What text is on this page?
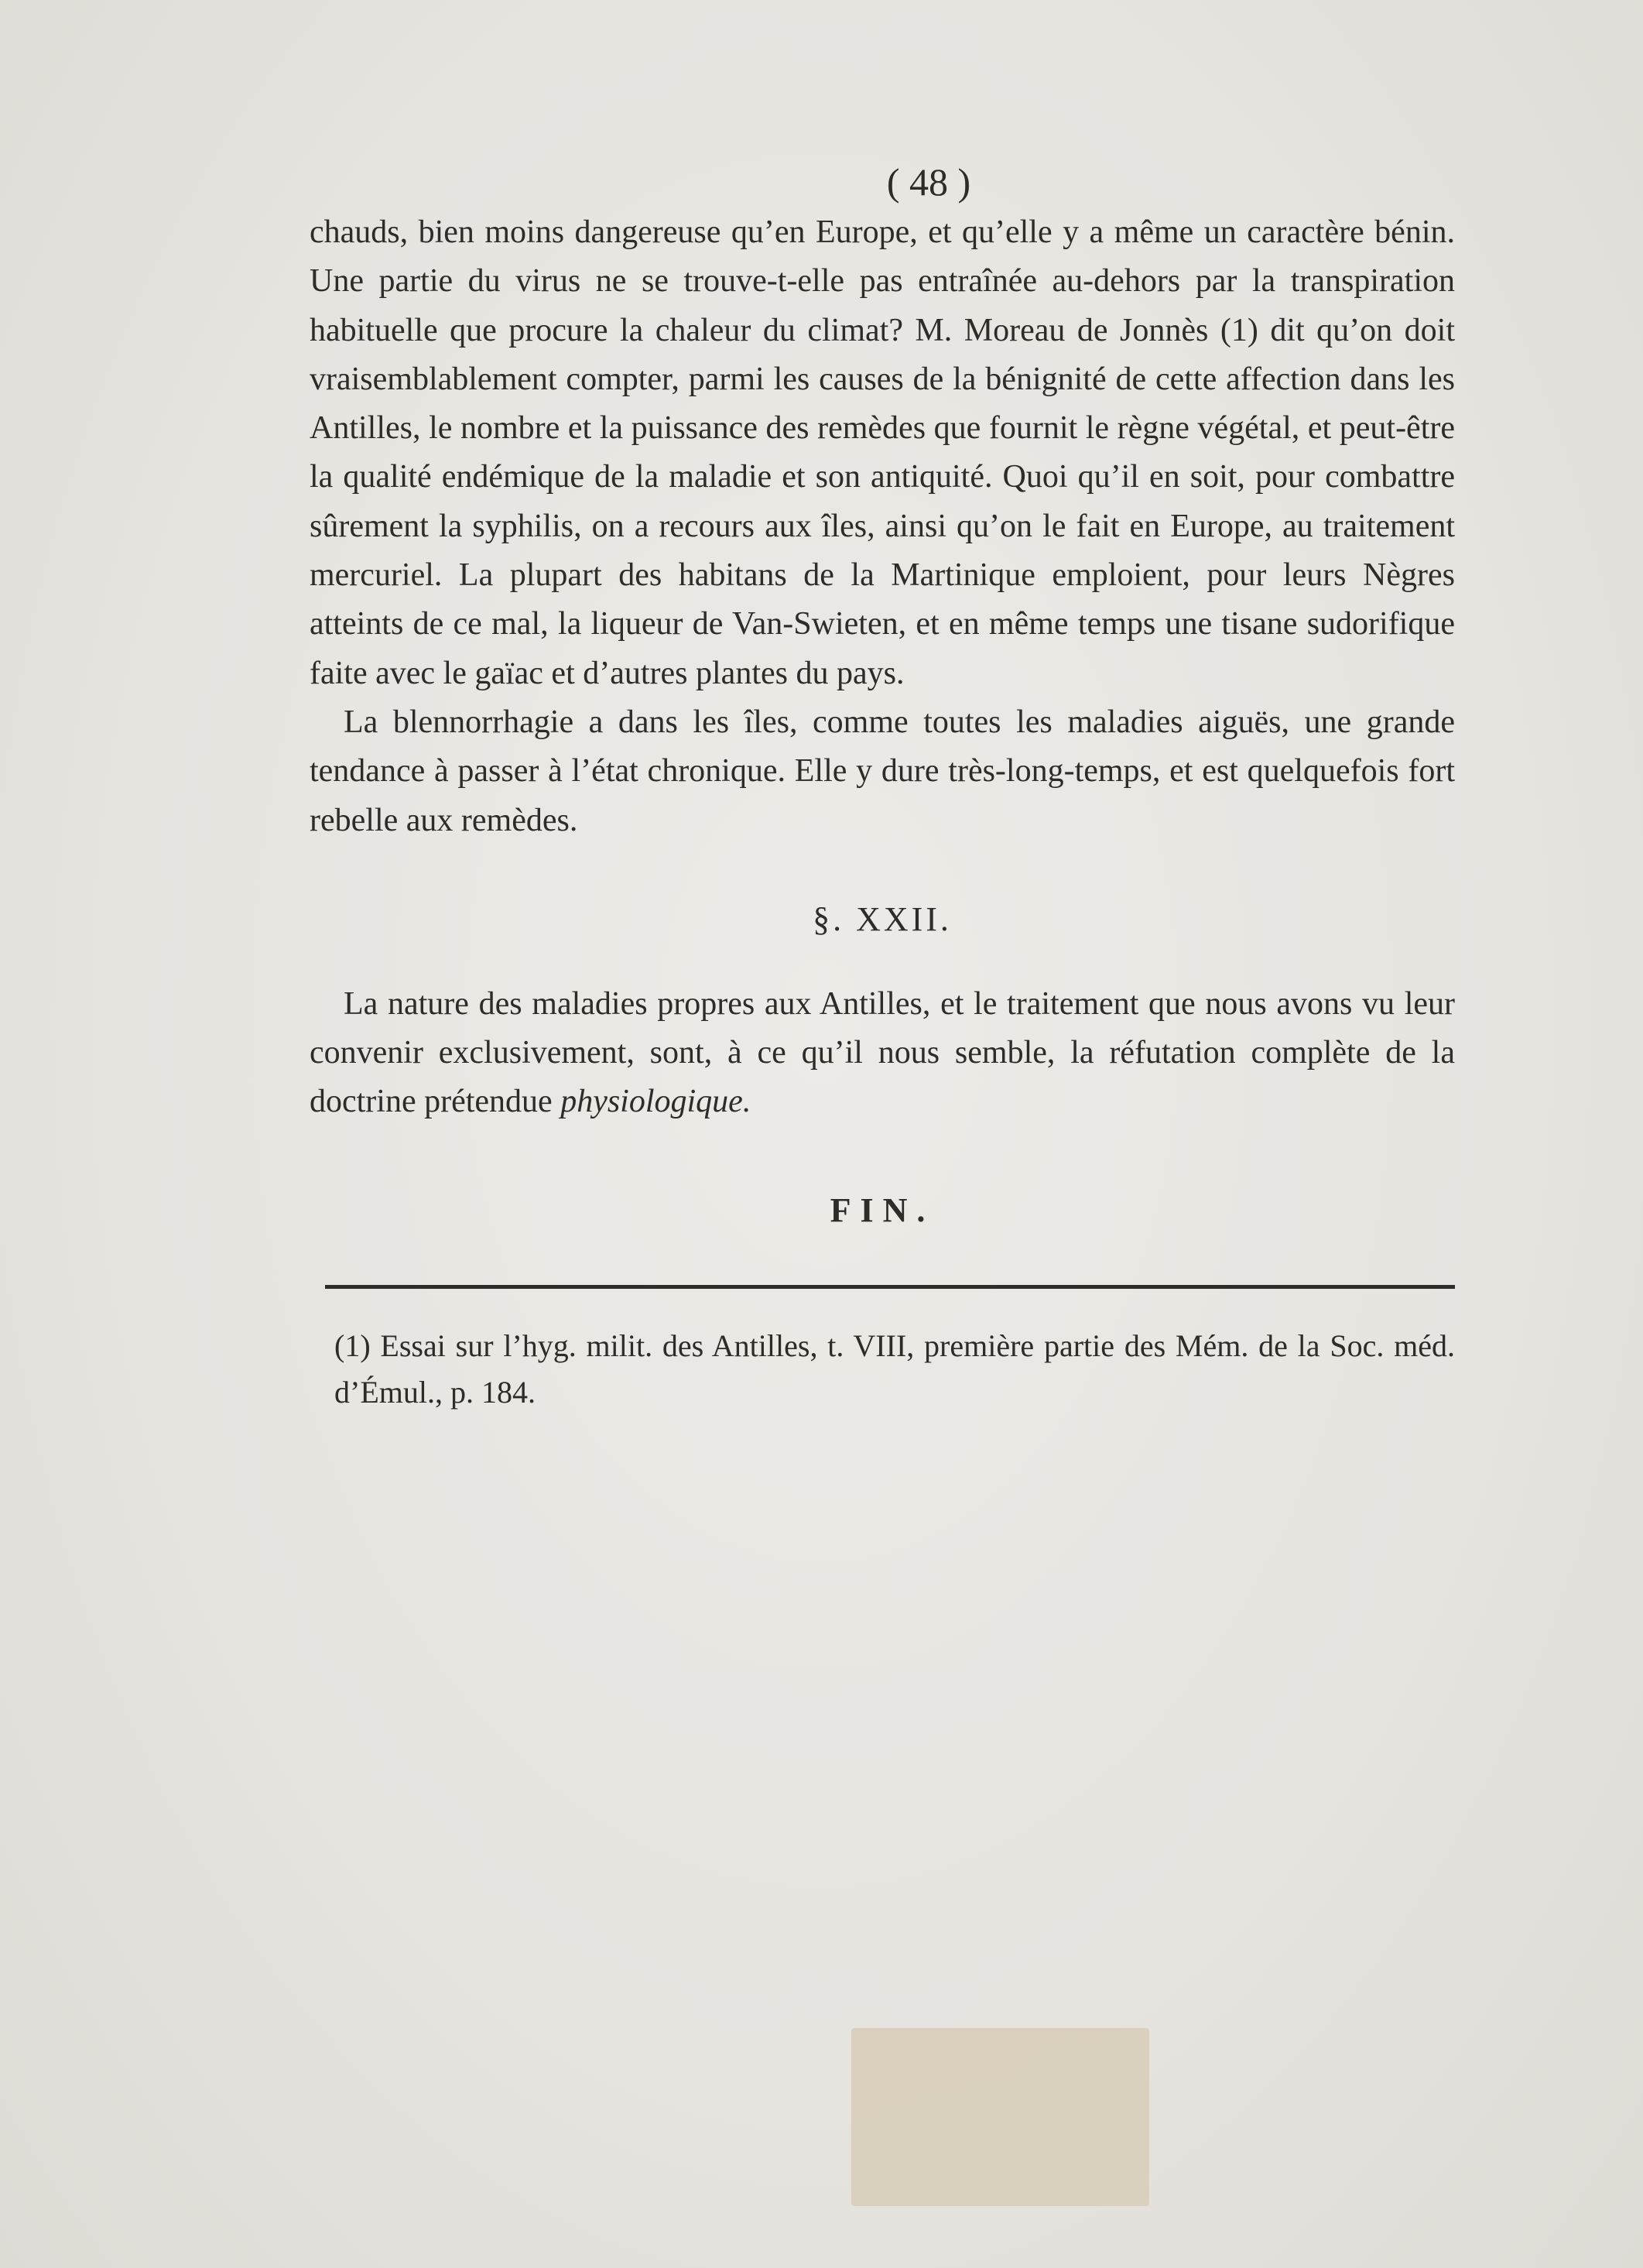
( 48 )

chauds, bien moins dangereuse qu’en Europe, et qu’elle y a même un caractère bénin. Une partie du virus ne se trouve-t-elle pas entraînée au-dehors par la transpiration habituelle que procure la chaleur du climat? M. Moreau de Jonnès (1) dit qu’on doit vraisemblablement compter, parmi les causes de la bénignité de cette affection dans les Antilles, le nombre et la puissance des remèdes que fournit le règne végétal, et peut-être la qualité endémique de la maladie et son antiquité. Quoi qu’il en soit, pour combattre sûrement la syphilis, on a recours aux îles, ainsi qu’on le fait en Europe, au traitement mercuriel. La plupart des habitans de la Martinique emploient, pour leurs Nègres atteints de ce mal, la liqueur de Van-Swieten, et en même temps une tisane sudorifique faite avec le gaïac et d’autres plantes du pays.

La blennorrhagie a dans les îles, comme toutes les maladies aiguës, une grande tendance à passer à l’état chronique. Elle y dure très-long-temps, et est quelquefois fort rebelle aux remèdes.

§. XXII.

La nature des maladies propres aux Antilles, et le traitement que nous avons vu leur convenir exclusivement, sont, à ce qu’il nous semble, la réfutation complète de la doctrine prétendue physiologique.

FIN.

(1) Essai sur l’hyg. milit. des Antilles, t. VIII, première partie des Mém. de la Soc. méd. d’Émul., p. 184.
